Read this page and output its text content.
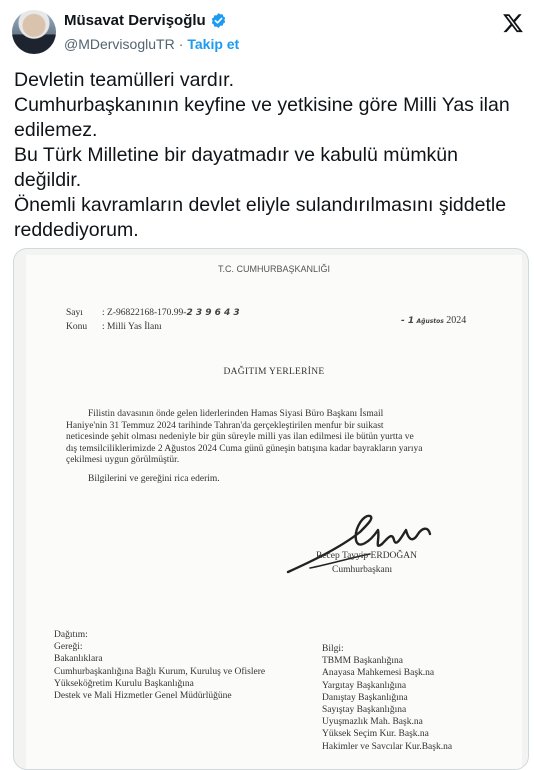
Müsavat Dervişoğlu
@MDervisogluTR · Takip et
Devletin teamülleri vardır.
Cumhurbaşkanının keyfine ve yetkisine göre Milli Yas ilan
edilemez.
Bu Türk Milletine bir dayatmadır ve kabulü mümkün
değildir.
Önemli kavramların devlet eliyle sulandırılmasını şiddetle
reddediyorum.
T.C. CUMHURBAŞKANLIĞI
Sayı : Z-96822168-170.99-2 3 9 6 4 3
Konu : Milli Yas İlanı
- 1 Ağustos 2024
DAĞITIM YERLERİNE
Filistin davasının önde gelen liderlerinden Hamas Siyasi Büro Başkanı İsmail
Haniye'nin 31 Temmuz 2024 tarihinde Tahran'da gerçekleştirilen menfur bir suikast
neticesinde şehit olması nedeniyle bir gün süreyle milli yas ilan edilmesi ile bütün yurtta ve
dış temsilciliklerimizde 2 Ağustos 2024 Cuma günü güneşin batışına kadar bayrakların yarıya
çekilmesi uygun görülmüştür.
Bilgilerini ve gereğini rica ederim.
Recep Tayyip ERDOĞAN
Cumhurbaşkanı
Dağıtım:
Gereği:
Bakanlıklara
Cumhurbaşkanlığına Bağlı Kurum, Kuruluş ve Ofislere
Yükseköğretim Kurulu Başkanlığına
Destek ve Mali Hizmetler Genel Müdürlüğüne
Bilgi:
TBMM Başkanlığına
Anayasa Mahkemesi Başk.na
Yargıtay Başkanlığına
Danıştay Başkanlığına
Sayıştay Başkanlığına
Uyuşmazlık Mah. Başk.na
Yüksek Seçim Kur. Başk.na
Hakimler ve Savcılar Kur.Başk.na
